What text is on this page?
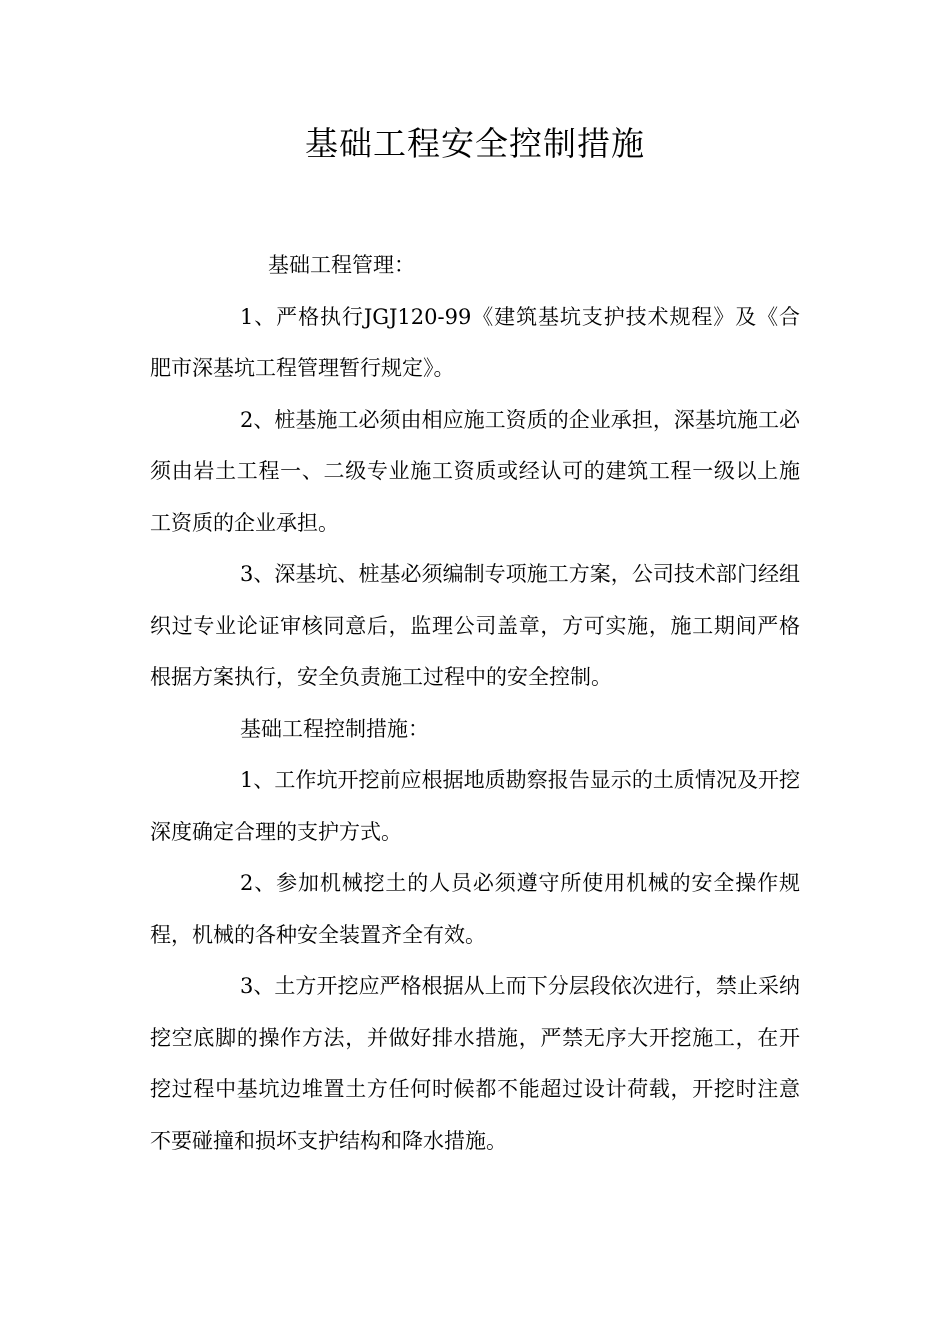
基础工程安全控制措施

基础工程管理：

1、严格执行JGJ120-99《建筑基坑支护技术规程》及《合肥市深基坑工程管理暂行规定》。

2、桩基施工必须由相应施工资质的企业承担，深基坑施工必须由岩土工程一、二级专业施工资质或经认可的建筑工程一级以上施工资质的企业承担。

3、深基坑、桩基必须编制专项施工方案，公司技术部门经组织过专业论证审核同意后，监理公司盖章，方可实施，施工期间严格根据方案执行，安全负责施工过程中的安全控制。

基础工程控制措施：

1、工作坑开挖前应根据地质勘察报告显示的土质情况及开挖深度确定合理的支护方式。

2、参加机械挖土的人员必须遵守所使用机械的安全操作规程，机械的各种安全装置齐全有效。

3、土方开挖应严格根据从上而下分层段依次进行，禁止采纳挖空底脚的操作方法，并做好排水措施，严禁无序大开挖施工，在开挖过程中基坑边堆置土方任何时候都不能超过设计荷载，开挖时注意不要碰撞和损坏支护结构和降水措施。
